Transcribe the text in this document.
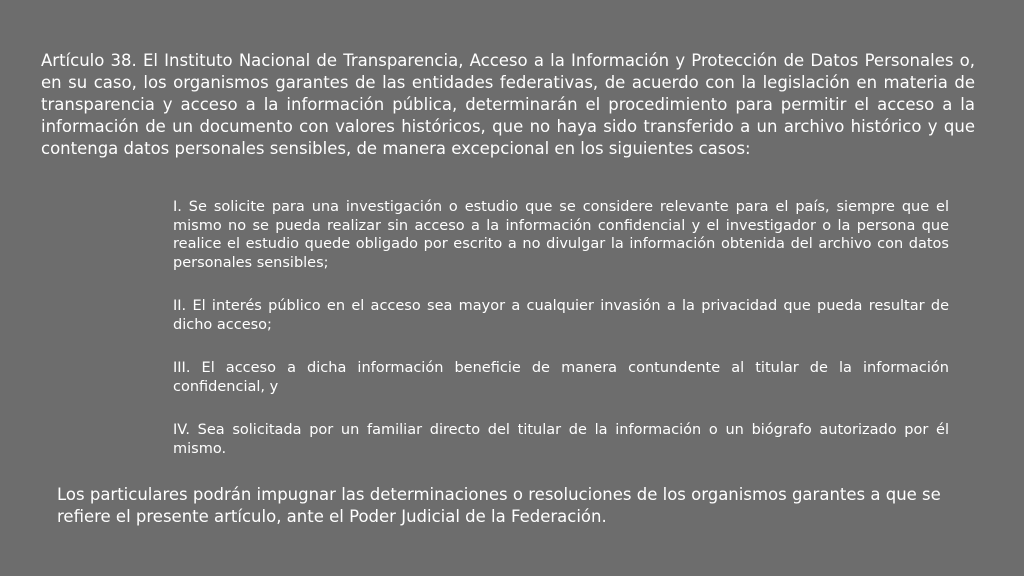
Artículo 38. El Instituto Nacional de Transparencia, Acceso a la Información y Protección de Datos Personales o, en su caso, los organismos garantes de las entidades federativas, de acuerdo con la legislación en materia de transparencia y acceso a la información pública, determinarán el procedimiento para permitir el acceso a la información de un documento con valores históricos, que no haya sido transferido a un archivo histórico y que contenga datos personales sensibles, de manera excepcional en los siguientes casos:

I. Se solicite para una investigación o estudio que se considere relevante para el país, siempre que el mismo no se pueda realizar sin acceso a la información confidencial y el investigador o la persona que realice el estudio quede obligado por escrito a no divulgar la información obtenida del archivo con datos personales sensibles;

II. El interés público en el acceso sea mayor a cualquier invasión a la privacidad que pueda resultar de dicho acceso;

III. El acceso a dicha información beneficie de manera contundente al titular de la información confidencial, y

IV. Sea solicitada por un familiar directo del titular de la información o un biógrafo autorizado por él mismo.

Los particulares podrán impugnar las determinaciones o resoluciones de los organismos garantes a que se refiere el presente artículo, ante el Poder Judicial de la Federación.
